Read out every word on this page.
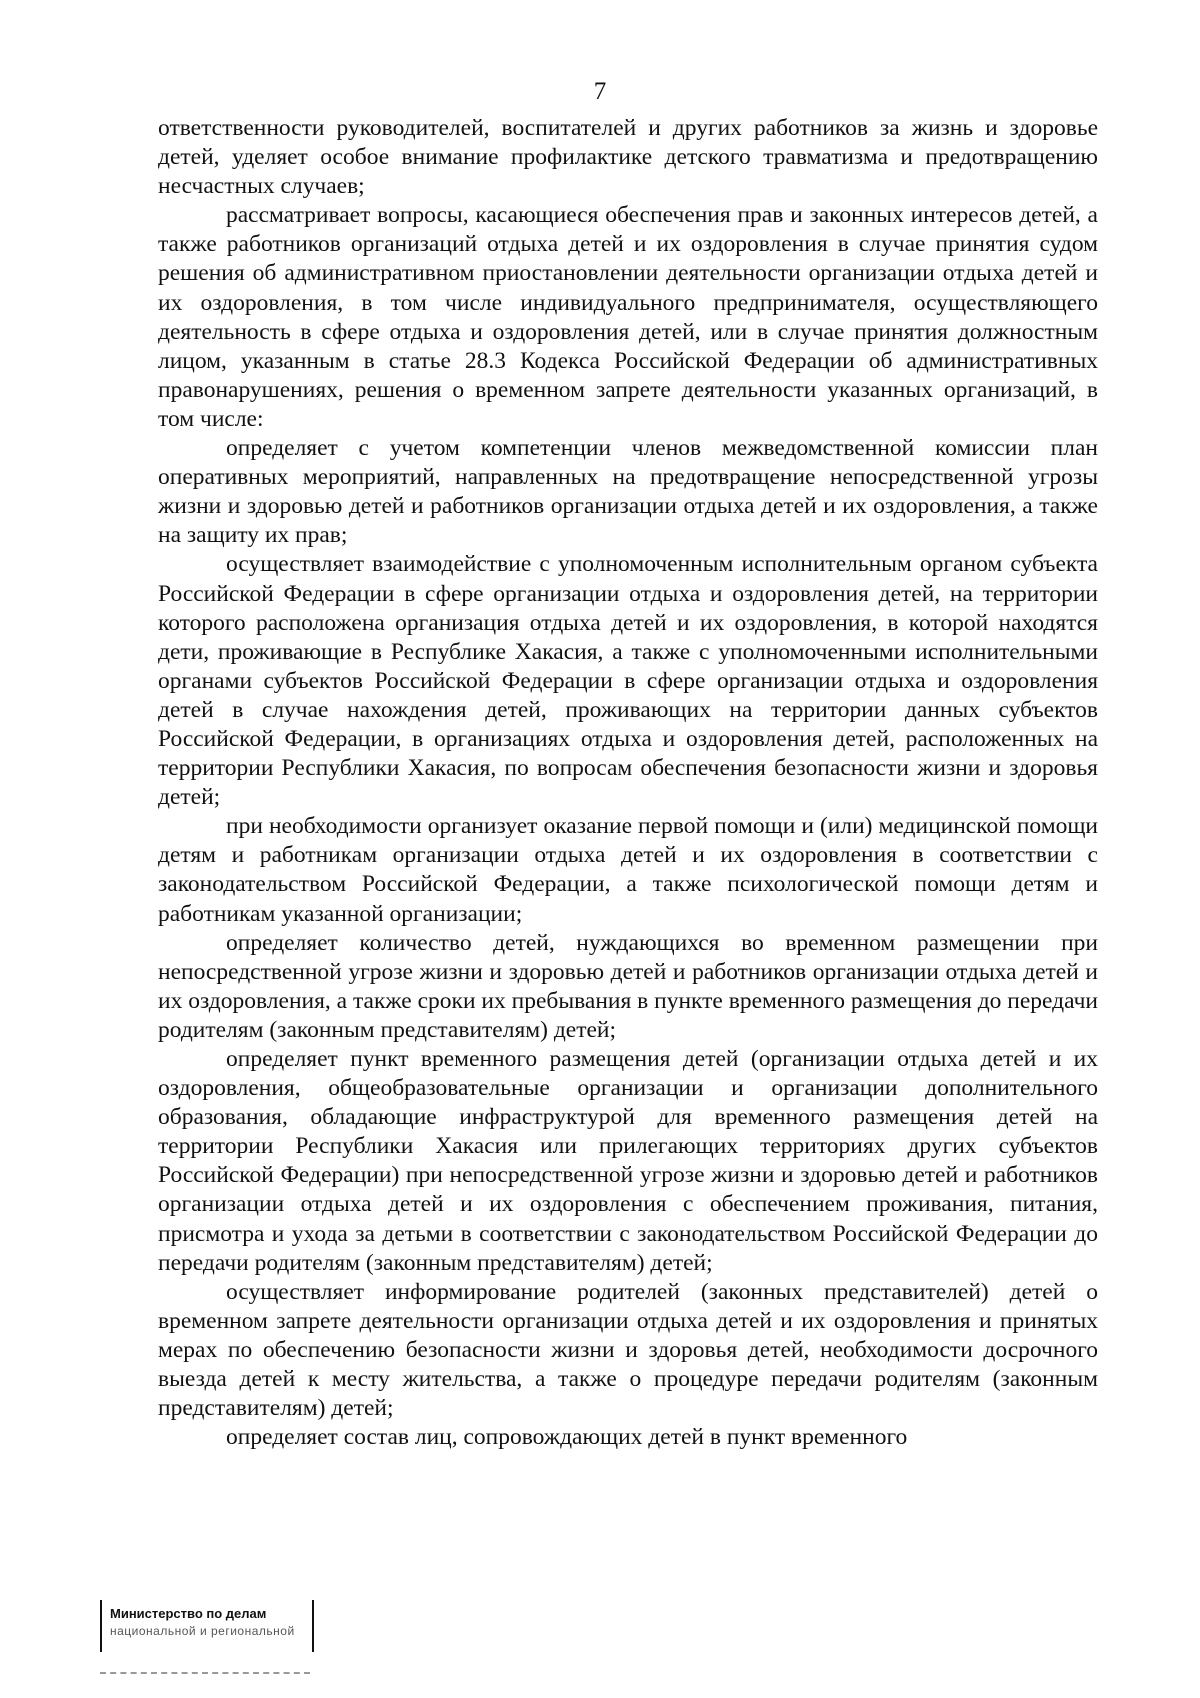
7

ответственности руководителей, воспитателей и других работников за жизнь и здоровье детей, уделяет особое внимание профилактике детского травматизма и предотвращению несчастных случаев;

рассматривает вопросы, касающиеся обеспечения прав и законных интересов детей, а также работников организаций отдыха детей и их оздоровления в случае принятия судом решения об административном приостановлении деятельности организации отдыха детей и их оздоровления, в том числе индивидуального предпринимателя, осуществляющего деятельность в сфере отдыха и оздоровления детей, или в случае принятия должностным лицом, указанным в статье 28.3 Кодекса Российской Федерации об административных правонарушениях, решения о временном запрете деятельности указанных организаций, в том числе:

определяет с учетом компетенции членов межведомственной комиссии план оперативных мероприятий, направленных на предотвращение непосредственной угрозы жизни и здоровью детей и работников организации отдыха детей и их оздоровления, а также на защиту их прав;

осуществляет взаимодействие с уполномоченным исполнительным органом субъекта Российской Федерации в сфере организации отдыха и оздоровления детей, на территории которого расположена организация отдыха детей и их оздоровления, в которой находятся дети, проживающие в Республике Хакасия, а также с уполномоченными исполнительными органами субъектов Российской Федерации в сфере организации отдыха и оздоровления детей в случае нахождения детей, проживающих на территории данных субъектов Российской Федерации, в организациях отдыха и оздоровления детей, расположенных на территории Республики Хакасия, по вопросам обеспечения безопасности жизни и здоровья детей;

при необходимости организует оказание первой помощи и (или) медицинской помощи детям и работникам организации отдыха детей и их оздоровления в соответствии с законодательством Российской Федерации, а также психологической помощи детям и работникам указанной организации;

определяет количество детей, нуждающихся во временном размещении при непосредственной угрозе жизни и здоровью детей и работников организации отдыха детей и их оздоровления, а также сроки их пребывания в пункте временного размещения до передачи родителям (законным представителям) детей;

определяет пункт временного размещения детей (организации отдыха детей и их оздоровления, общеобразовательные организации и организации дополнительного образования, обладающие инфраструктурой для временного размещения детей на территории Республики Хакасия или прилегающих территориях других субъектов Российской Федерации) при непосредственной угрозе жизни и здоровью детей и работников организации отдыха детей и их оздоровления с обеспечением проживания, питания, присмотра и ухода за детьми в соответствии с законодательством Российской Федерации до передачи родителям (законным представителям) детей;

осуществляет информирование родителей (законных представителей) детей о временном запрете деятельности организации отдыха детей и их оздоровления и принятых мерах по обеспечению безопасности жизни и здоровья детей, необходимости досрочного выезда детей к месту жительства, а также о процедуре передачи родителям (законным представителям) детей;

определяет состав лиц, сопровождающих детей в пункт временного

Министерство по делам
национальной и региональной
